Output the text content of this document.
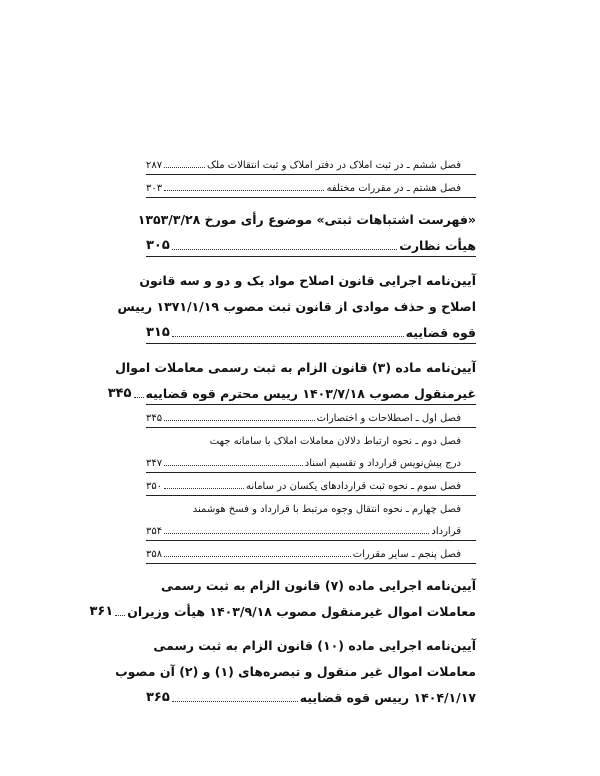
فصل ششم ـ در ثبت املاک در دفتر املاک و ثبت انتقالات ملک
۲۸۷
فصل هشتم ـ در مقررات مختلفه
۳۰۳
«فهرست اشتباهات ثبتی» موضوع رأی مورخ ۱۳۵۳/۳/۲۸
هیأت نظارت
۳۰۵
آیین‌نامه اجرایی قانون اصلاح مواد یک و دو و سه قانون
اصلاح و حذف موادی از قانون ثبت مصوب ۱۳۷۱/۱/۱۹ رییس
قوه قضاییه
۳۱۵
آیین‌نامه ماده (۳) قانون الزام به ثبت رسمی معاملات اموال
غیرمنقول مصوب ۱۴۰۳/۷/۱۸ رییس محترم قوه قضاییه
۳۴۵
فصل اول ـ اصطلاحات و اختصارات
۳۴۵
فصل دوم ـ نحوه ارتباط دلالان معاملات املاک با سامانه جهت
درج پیش‌نویس قرارداد و تقسیم اسناد
۳۴۷
فصل سوم ـ نحوه ثبت قراردادهای یکسان در سامانه
۳۵۰
فصل چهارم ـ نحوه انتقال وجوه مرتبط با قرارداد و فسخ هوشمند
قرارداد
۳۵۴
فصل پنجم ـ سایر مقررات
۳۵۸
آیین‌نامه اجرایی ماده (۷) قانون الزام به ثبت رسمی
معاملات اموال غیرمنقول مصوب ۱۴۰۳/۹/۱۸ هیأت وزیران
۳۶۱
آیین‌نامه اجرایی ماده (۱۰) قانون الزام به ثبت رسمی
معاملات اموال غیر منقول و تبصره‌های (۱) و (۲) آن مصوب
۱۴۰۴/۱/۱۷ رییس قوه قضاییه
۳۶۵
